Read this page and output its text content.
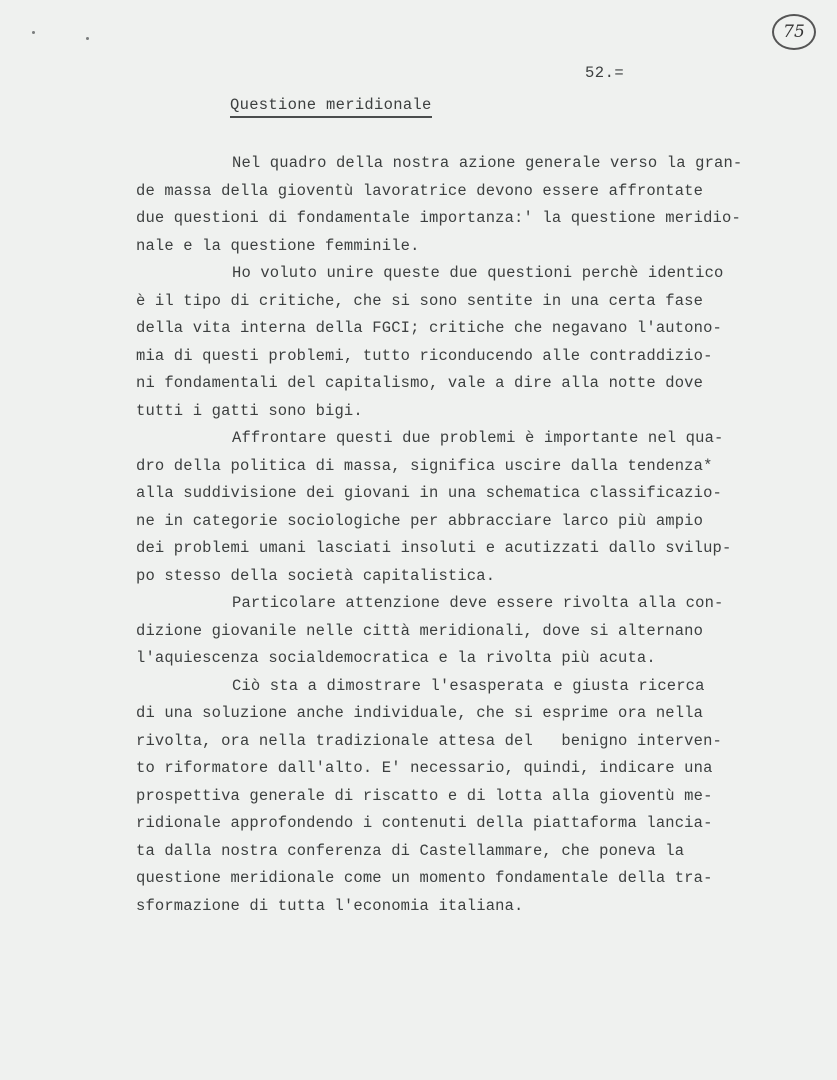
75
52.=
Questione meridionale
Nel quadro della nostra azione generale verso la gran-
de massa della gioventù lavoratrice devono essere affrontate
due questioni di fondamentale importanza:' la questione meridio-
nale e la questione femminile.
Ho voluto unire queste due questioni perchè identico
è il tipo di critiche, che si sono sentite in una certa fase
della vita interna della FGCI; critiche che negavano l'autono-
mia di questi problemi, tutto riconducendo alle contraddizio-
ni fondamentali del capitalismo, vale a dire alla notte dove
tutti i gatti sono bigi.
Affrontare questi due problemi è importante nel qua-
dro della politica di massa, significa uscire dalla tendenza*
alla suddivisione dei giovani in una schematica classificazio-
ne in categorie sociologiche per abbracciare larco più ampio
dei problemi umani lasciati insoluti e acutizzati dallo svilup-
po stesso della società capitalistica.
Particolare attenzione deve essere rivolta alla con-
dizione giovanile nelle città meridionali, dove si alternano
l'aquiescenza socialdemocratica e la rivolta più acuta.
Ciò sta a dimostrare l'esasperata e giusta ricerca
di una soluzione anche individuale, che si esprime ora nella
rivolta, ora nella tradizionale attesa del   benigno interven-
to riformatore dall'alto. E' necessario, quindi, indicare una
prospettiva generale di riscatto e di lotta alla gioventù me-
ridionale approfondendo i contenuti della piattaforma lancia-
ta dalla nostra conferenza di Castellammare, che poneva la
questione meridionale come un momento fondamentale della tra-
sformazione di tutta l'economia italiana.
